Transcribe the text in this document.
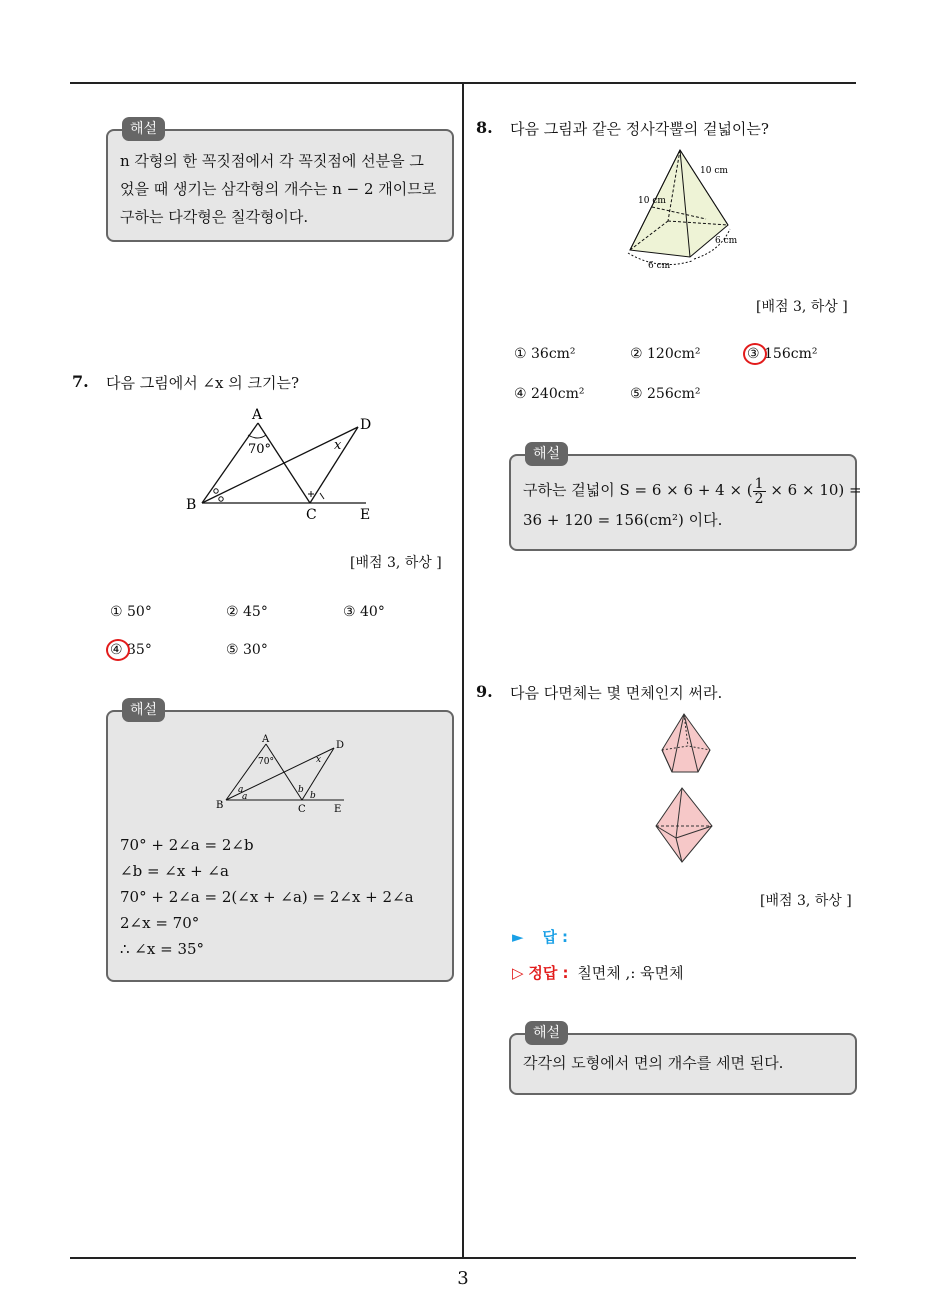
해설
n 각형의 한 꼭짓점에서 각 꼭짓점에 선분을 그
었을 때 생기는 삼각형의 개수는 n − 2 개이므로
구하는 다각형은 칠각형이다.
7. 다음 그림에서 ∠x 의 크기는?
A
D
70°	x
B
C	E
[배점 3, 하상 ]
① 50°	② 45°	③ 40°
④ 35°	⑤ 30°
해설
A
D
70°	x
a
a
b
b
B	C	E
70° + 2∠a = 2∠b
∠b = ∠x + ∠a
70° + 2∠a = 2(∠x + ∠a) = 2∠x + 2∠a
2∠x = 70°
∴ ∠x = 35°
8. 다음 그림과 같은 정사각뿔의 겉넓이는?
10 cm
10 cm
6 cm
6 cm
[배점 3, 하상 ]
① 36cm²	② 120cm²	③ 156cm²
④ 240cm²	⑤ 256cm²
해설
구하는 겉넓이 S = 6 × 6 + 4 × ( $\frac{1}{2} \times 6 \times 10$) =
36 + 120 = 156(cm²) 이다.
9. 다음 다면체는 몇 면체인지 써라.
[배점 3, 하상 ]
► 답 :
▷ 정답 : 칠면체 ,: 육면체
해설
각각의 도형에서 면의 개수를 세면 된다.
3
